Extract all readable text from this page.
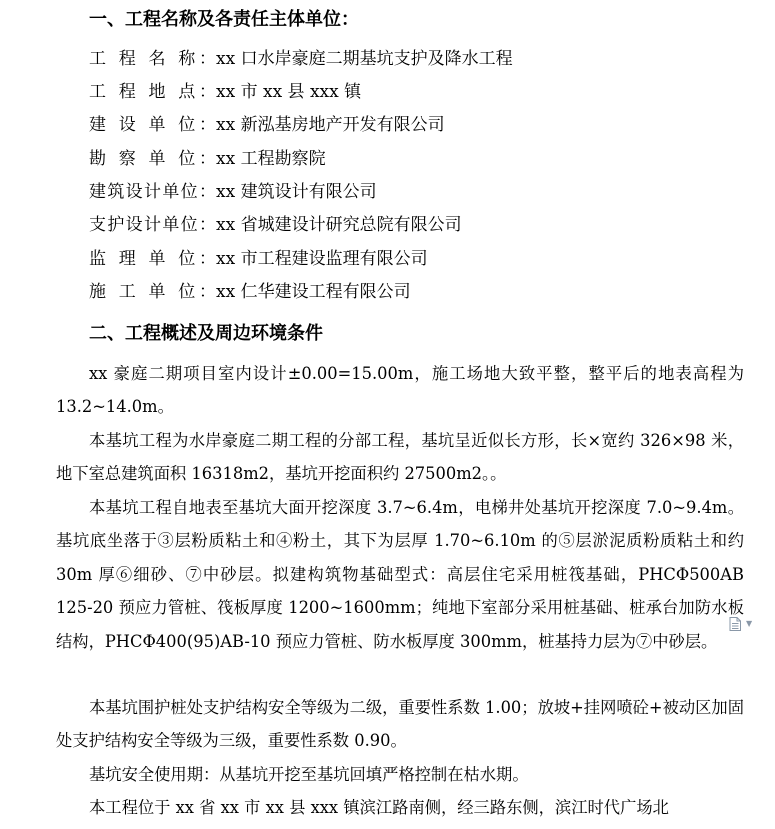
一、工程名称及各责任主体单位：
工 程 名 称：xx 口水岸豪庭二期基坑支护及降水工程
工 程 地 点：xx 市 xx 县 xxx 镇
建 设 单 位：xx 新泓基房地产开发有限公司
勘 察 单 位：xx 工程勘察院
建筑设计单位：xx 建筑设计有限公司
支护设计单位：xx 省城建设计研究总院有限公司
监 理 单 位：xx 市工程建设监理有限公司
施 工 单 位：xx 仁华建设工程有限公司
二、工程概述及周边环境条件

xx 豪庭二期项目室内设计±0.00=15.00m，施工场地大致平整，整平后的地表高程为 13.2~14.0m。

本基坑工程为水岸豪庭二期工程的分部工程，基坑呈近似长方形，长×宽约 326×98 米，地下室总建筑面积 16318m2，基坑开挖面积约 27500m2。。

本基坑工程自地表至基坑大面开挖深度 3.7~6.4m，电梯井处基坑开挖深度 7.0~9.4m。基坑底坐落于③层粉质粘土和④粉土，其下为层厚 1.70~6.10m 的⑤层淤泥质粉质粘土和约 30m 厚⑥细砂、⑦中砂层。拟建构筑物基础型式：高层住宅采用桩筏基础，PHCΦ500AB 125-20 预应力管桩、筏板厚度 1200~1600mm；纯地下室部分采用桩基础、桩承台加防水板结构，PHCΦ400(95)AB-10 预应力管桩、防水板厚度 300mm，桩基持力层为⑦中砂层。

本基坑围护桩处支护结构安全等级为二级，重要性系数 1.00；放坡+挂网喷砼+被动区加固处支护结构安全等级为三级，重要性系数 0.90。

基坑安全使用期：从基坑开挖至基坑回填严格控制在枯水期。

本工程位于 xx 省 xx 市 xx 县 xxx 镇滨江路南侧，经三路东侧，滨江时代广场北

▼
